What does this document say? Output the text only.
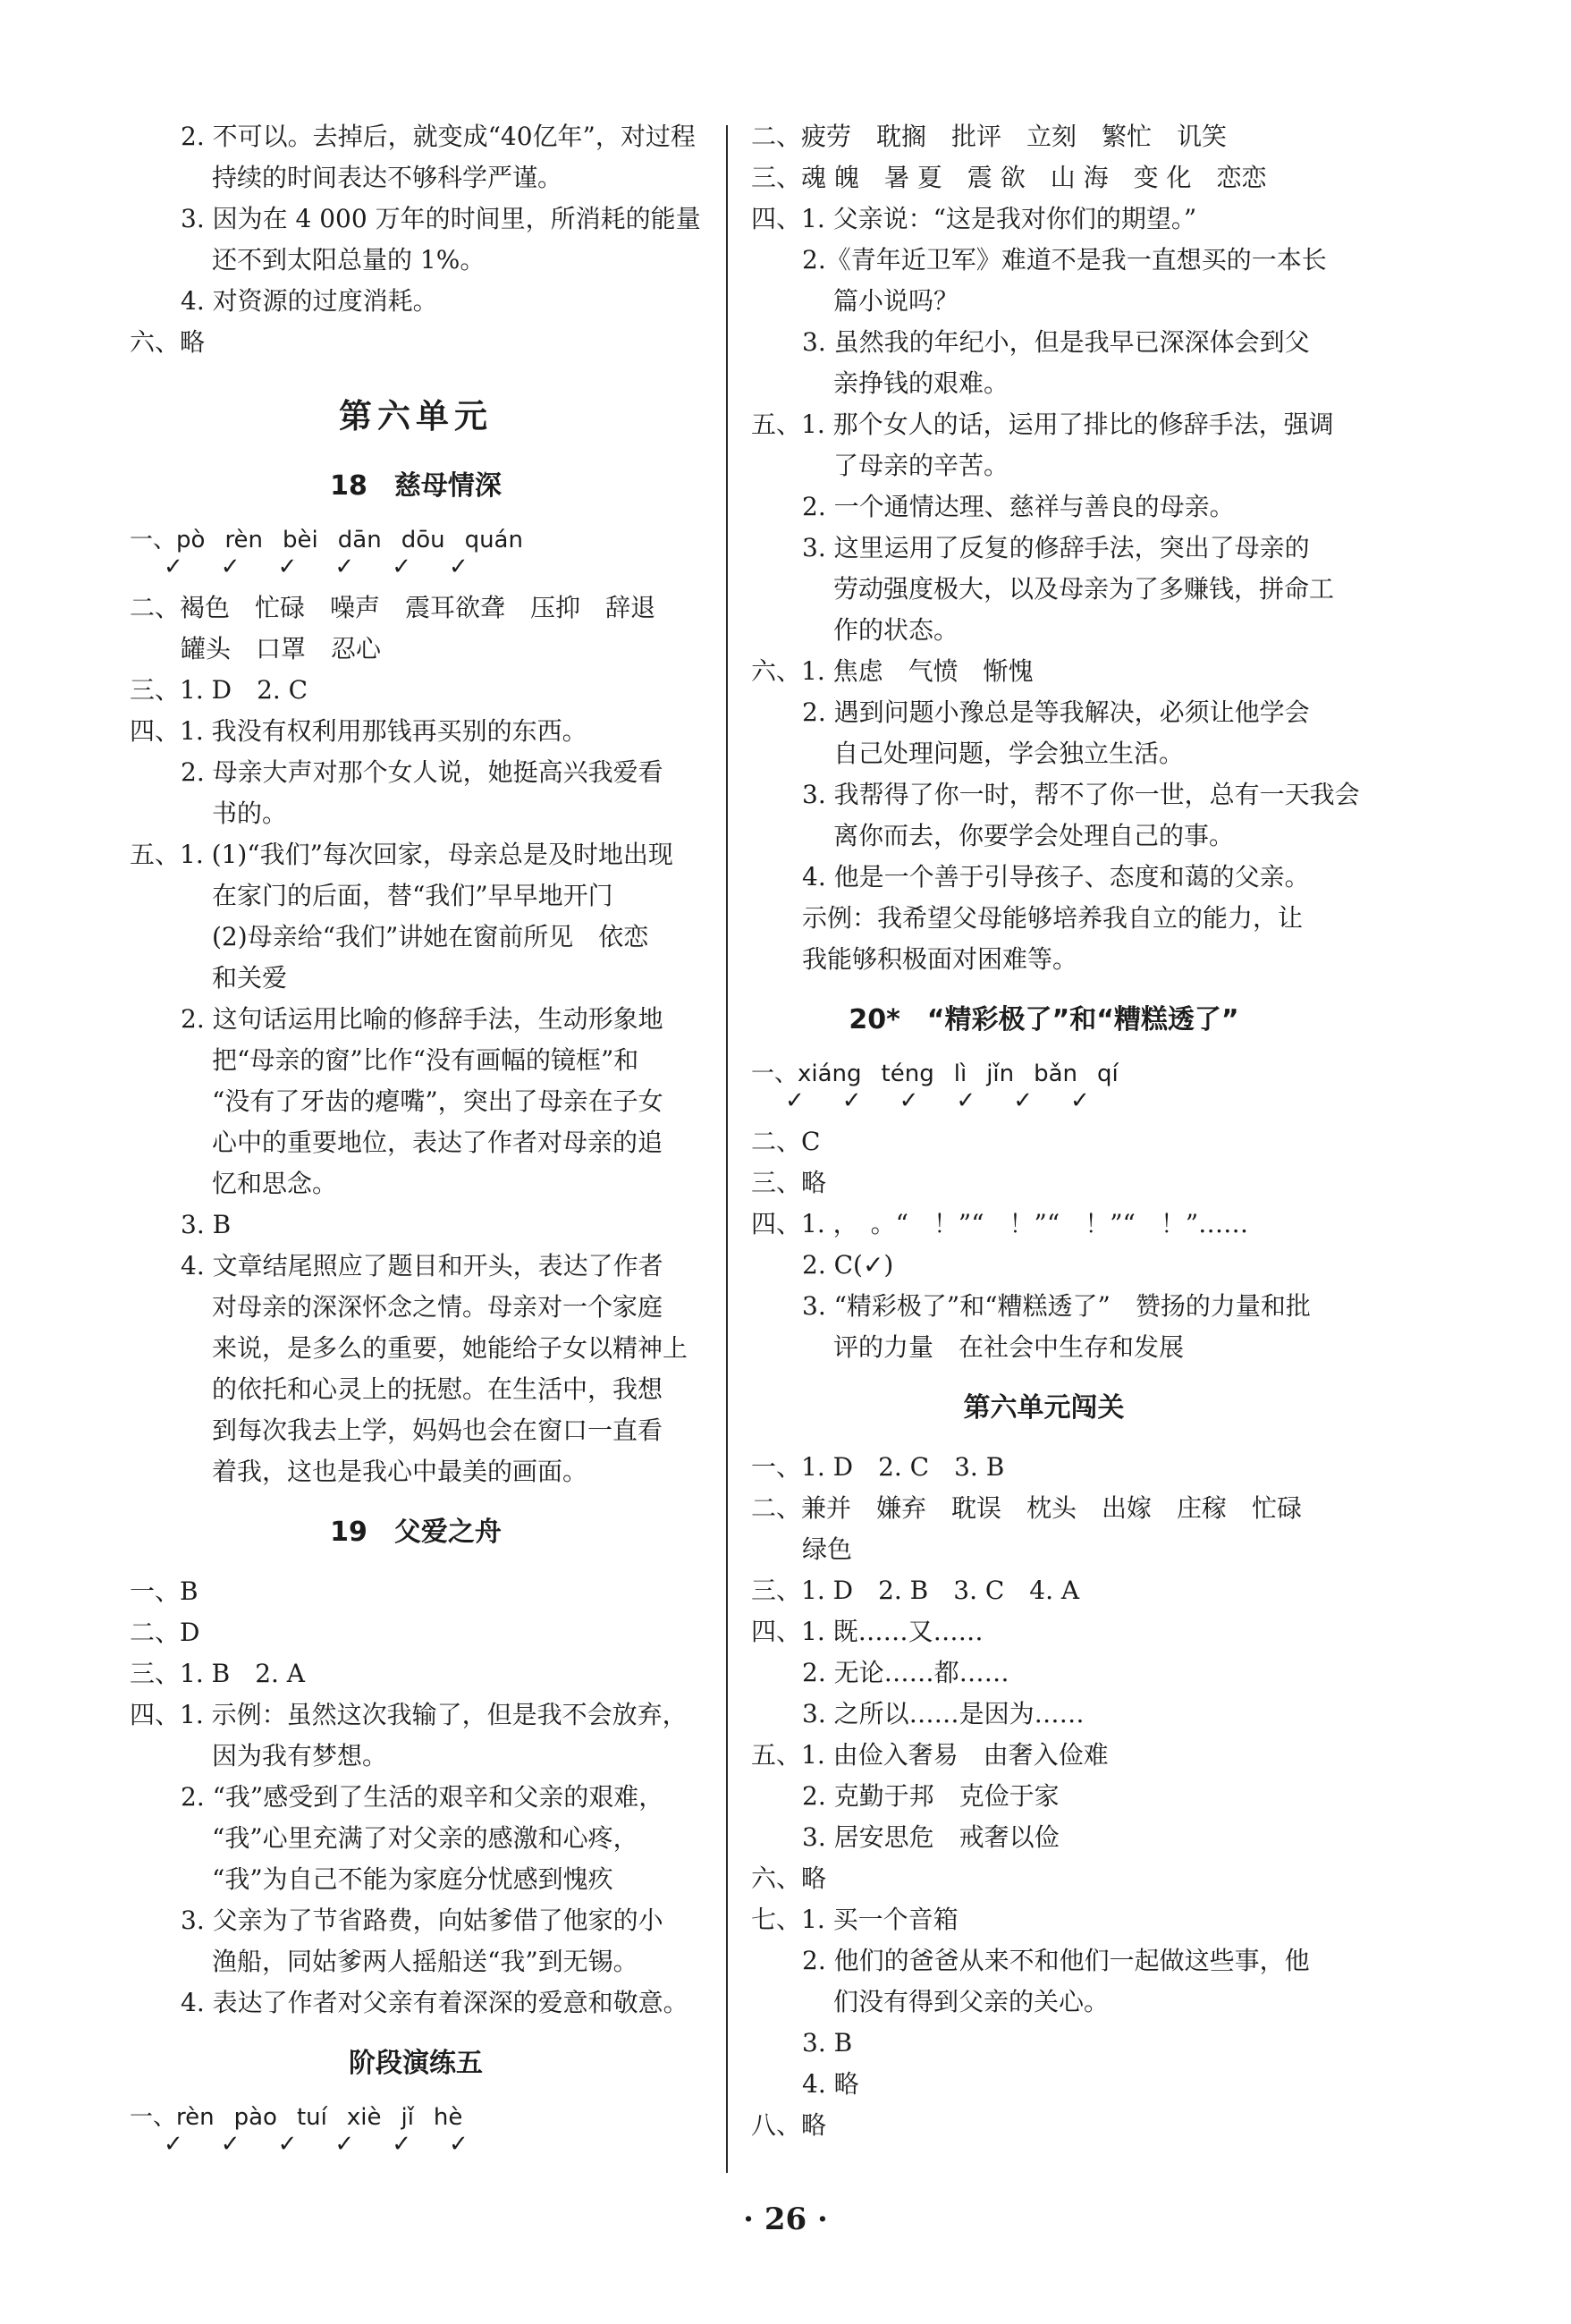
2. 不可以。去掉后，就变成“40亿年”，对过程
持续的时间表达不够科学严谨。
3. 因为在 4 000 万年的时间里，所消耗的能量
还不到太阳总量的 1%。
4. 对资源的过度消耗。
六、略
第六单元
18　慈母情深
一、pò rèn bèi dān dōu quán
✓ ✓ ✓ ✓ ✓ ✓
二、褐色　忙碌　噪声　震耳欲聋　压抑　辞退
罐头　口罩　忍心
三、1. D　2. C
四、1. 我没有权利用那钱再买别的东西。
2. 母亲大声对那个女人说，她挺高兴我爱看
书的。
五、1. (1)“我们”每次回家，母亲总是及时地出现
在家门的后面，替“我们”早早地开门
(2)母亲给“我们”讲她在窗前所见　依恋
和关爱
2. 这句话运用比喻的修辞手法，生动形象地
把“母亲的窗”比作“没有画幅的镜框”和
“没有了牙齿的瘪嘴”，突出了母亲在子女
心中的重要地位，表达了作者对母亲的追
忆和思念。
3. B
4. 文章结尾照应了题目和开头，表达了作者
对母亲的深深怀念之情。母亲对一个家庭
来说，是多么的重要，她能给子女以精神上
的依托和心灵上的抚慰。在生活中，我想
到每次我去上学，妈妈也会在窗口一直看
着我，这也是我心中最美的画面。
19　父爱之舟
一、B
二、D
三、1. B　2. A
四、1. 示例：虽然这次我输了，但是我不会放弃，
因为我有梦想。
2. “我”感受到了生活的艰辛和父亲的艰难，
“我”心里充满了对父亲的感激和心疼，
“我”为自己不能为家庭分忧感到愧疚
3. 父亲为了节省路费，向姑爹借了他家的小
渔船，同姑爹两人摇船送“我”到无锡。
4. 表达了作者对父亲有着深深的爱意和敬意。
阶段演练五
一、rèn pào tuí xiè jǐ hè
✓ ✓ ✓ ✓ ✓ ✓
二、疲劳　耽搁　批评　立刻　繁忙　讥笑
三、魂 魄　暑 夏　震 欲　山 海　变 化　恋恋
四、1. 父亲说：“这是我对你们的期望。”
2.《青年近卫军》难道不是我一直想买的一本长
篇小说吗？
3. 虽然我的年纪小，但是我早已深深体会到父
亲挣钱的艰难。
五、1. 那个女人的话，运用了排比的修辞手法，强调
了母亲的辛苦。
2. 一个通情达理、慈祥与善良的母亲。
3. 这里运用了反复的修辞手法，突出了母亲的
劳动强度极大，以及母亲为了多赚钱，拼命工
作的状态。
六、1. 焦虑　气愤　惭愧
2. 遇到问题小豫总是等我解决，必须让他学会
自己处理问题，学会独立生活。
3. 我帮得了你一时，帮不了你一世，总有一天我会
离你而去，你要学会处理自己的事。
4. 他是一个善于引导孩子、态度和蔼的父亲。
示例：我希望父母能够培养我自立的能力，让
我能够积极面对困难等。
20*　“精彩极了”和“糟糕透了”
一、xiáng téng lì jǐn bǎn qí
✓ ✓ ✓ ✓ ✓ ✓
二、C
三、略
四、1. ，　。“　！”“　！”“　！”“　！”……
2. C(✓)
3. “精彩极了”和“糟糕透了”　赞扬的力量和批
评的力量　在社会中生存和发展
第六单元闯关
一、1. D　2. C　3. B
二、兼并　嫌弃　耽误　枕头　出嫁　庄稼　忙碌
绿色
三、1. D　2. B　3. C　4. A
四、1. 既……又……
2. 无论……都……
3. 之所以……是因为……
五、1. 由俭入奢易　由奢入俭难
2. 克勤于邦　克俭于家
3. 居安思危　戒奢以俭
六、略
七、1. 买一个音箱
2. 他们的爸爸从来不和他们一起做这些事，他
们没有得到父亲的关心。
3. B
4. 略
八、略
· 26 ·
